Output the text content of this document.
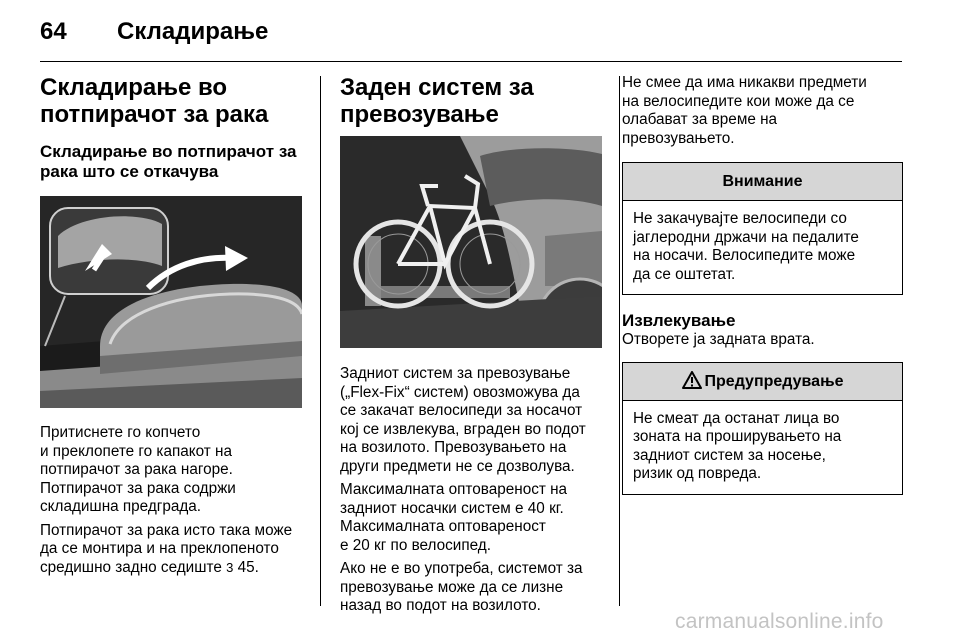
64 Складирање
Складирање во
потпирачот за рака
Складирање во потпирачот за
рака што се откачува

Притиснете го копчето
и преклопете го капакот на
потпирачот за рака нагоре.
Потпирачот за рака содржи
складишна предграда.

Потпирачот за рака исто така може
да се монтира и на преклопеното
средишно задно седиште 3 45.

Заден систем за
превозување

Задниот систем за превозување
(„Flex-Fix“ систем) овозможува да
се закачат велосипеди за носачот
кој се извлекува, вграден во подот
на возилото. Превозувањето на
други предмети не се дозволува.

Максималната оптовареност на
задниот носачки систем е 40 кг.
Максималната оптовареност
е 20 кг по велосипед.

Ако не е во употреба, системот за
превозување може да се лизне
назад во подот на возилото.

Не смее да има никакви предмети
на велосипедите кои може да се
олабават за време на
превозувањето.

Внимание
Не закачувајте велосипеди со
јаглеродни држачи на педалите
на носачи. Велосипедите може
да се оштетат.
Извлекување

Отворете ја задната врата.

Предупредување
Не смеат да останат лица во
зоната на проширувањето на
задниот систем за носење,
ризик од повреда.
carmanualsonline.info
